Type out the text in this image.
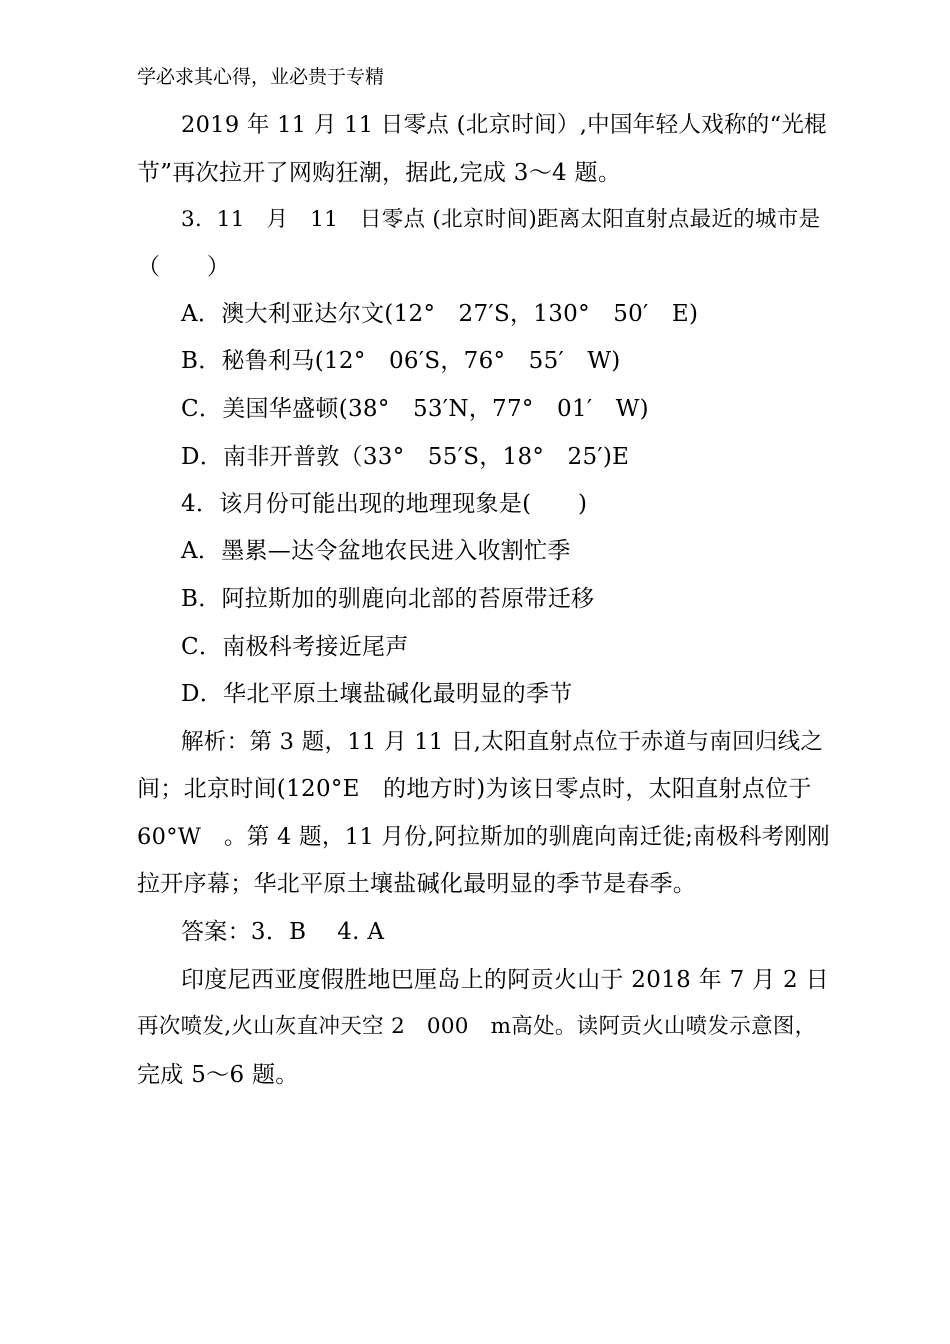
学必求其心得，业必贵于专精
2019 年 11 月 11 日零点 (北京时间）,中国年轻人戏称的“光棍
节”再次拉开了网购狂潮，据此,完成 3～4 题。
3．11　月　11　日零点 (北京时间)距离太阳直射点最近的城市是
（　　）
A．澳大利亚达尔文(12°　27′S，130°　50′　E)
B．秘鲁利马(12°　06′S，76°　55′　W)
C．美国华盛顿(38°　53′N，77°　01′　W)
D．南非开普敦（33°　55′S，18°　25′)E
4．该月份可能出现的地理现象是(　　)
A．墨累—达令盆地农民进入收割忙季
B．阿拉斯加的驯鹿向北部的苔原带迁移
C．南极科考接近尾声
D．华北平原土壤盐碱化最明显的季节
解析：第 3 题，11 月 11 日,太阳直射点位于赤道与南回归线之
间；北京时间(120°E　的地方时)为该日零点时，太阳直射点位于
60°W　。第 4 题，11 月份,阿拉斯加的驯鹿向南迁徙;南极科考刚刚
拉开序幕；华北平原土壤盐碱化最明显的季节是春季。
答案：3．B　 4. A
印度尼西亚度假胜地巴厘岛上的阿贡火山于 2018 年 7 月 2 日
再次喷发,火山灰直冲天空 2　000　m高处。读阿贡火山喷发示意图，
完成 5～6 题。
